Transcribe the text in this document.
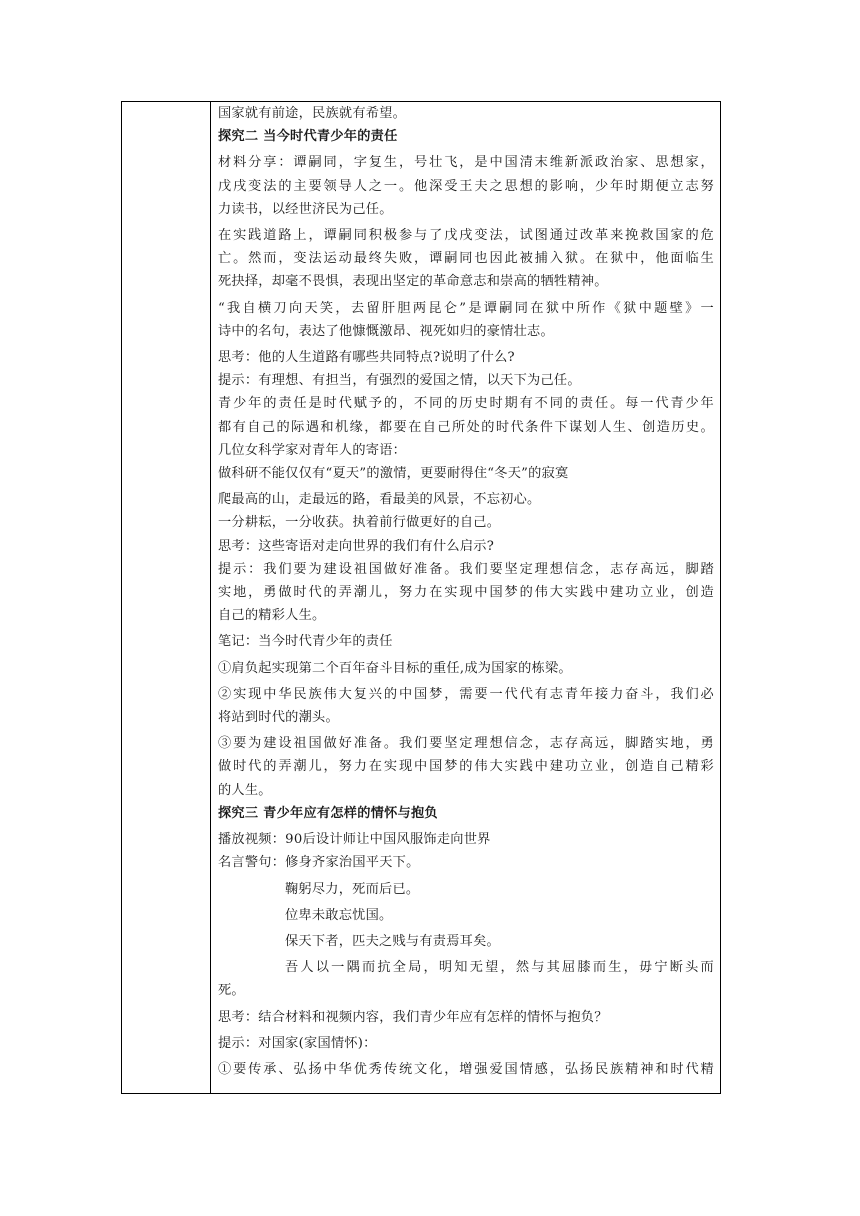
国家就有前途，民族就有希望。
探究二 当今时代青少年的责任
材料分享：谭嗣同，字复生，号壮飞，是中国清末维新派政治家、思想家，
戊戌变法的主要领导人之一。他深受王夫之思想的影响，少年时期便立志努
力读书，以经世济民为己任。
在实践道路上，谭嗣同积极参与了戊戌变法，试图通过改革来挽救国家的危
亡。然而，变法运动最终失败，谭嗣同也因此被捕入狱。在狱中，他面临生
死抉择，却毫不畏惧，表现出坚定的革命意志和崇高的牺牲精神。
“我自横刀向天笑，去留肝胆两昆仑”是谭嗣同在狱中所作《狱中题壁》一
诗中的名句，表达了他慷慨激昂、视死如归的豪情壮志。
思考：他的人生道路有哪些共同特点?说明了什么?
提示：有理想、有担当，有强烈的爱国之情，以天下为己任。
青少年的责任是时代赋予的，不同的历史时期有不同的责任。每一代青少年
都有自己的际遇和机缘，都要在自己所处的时代条件下谋划人生、创造历史。
几位女科学家对青年人的寄语：
做科研不能仅仅有“夏天”的激情，更要耐得住“冬天”的寂寞
爬最高的山，走最远的路，看最美的风景，不忘初心。
一分耕耘，一分收获。执着前行做更好的自己。
思考：这些寄语对走向世界的我们有什么启示?
提示：我们要为建设祖国做好准备。我们要坚定理想信念，志存高远，脚踏
实地，勇做时代的弄潮儿，努力在实现中国梦的伟大实践中建功立业，创造
自己的精彩人生。
笔记：当今时代青少年的责任
①肩负起实现第二个百年奋斗目标的重任,成为国家的栋梁。
②实现中华民族伟大复兴的中国梦，需要一代代有志青年接力奋斗，我们必
将站到时代的潮头。
③要为建设祖国做好准备。我们要坚定理想信念，志存高远，脚踏实地，勇
做时代的弄潮儿，努力在实现中国梦的伟大实践中建功立业，创造自己精彩
的人生。
探究三 青少年应有怎样的情怀与抱负
播放视频：90后设计师让中国风服饰走向世界
名言警句：修身齐家治国平天下。
鞠躬尽力，死而后已。
位卑未敢忘忧国。
保天下者，匹夫之贱与有责焉耳矣。
吾人以一隅而抗全局，明知无望，然与其屈膝而生，毋宁断头而
死。
思考：结合材料和视频内容，我们青少年应有怎样的情怀与抱负？
提示：对国家(家国情怀)：
①要传承、弘扬中华优秀传统文化，增强爱国情感，弘扬民族精神和时代精
